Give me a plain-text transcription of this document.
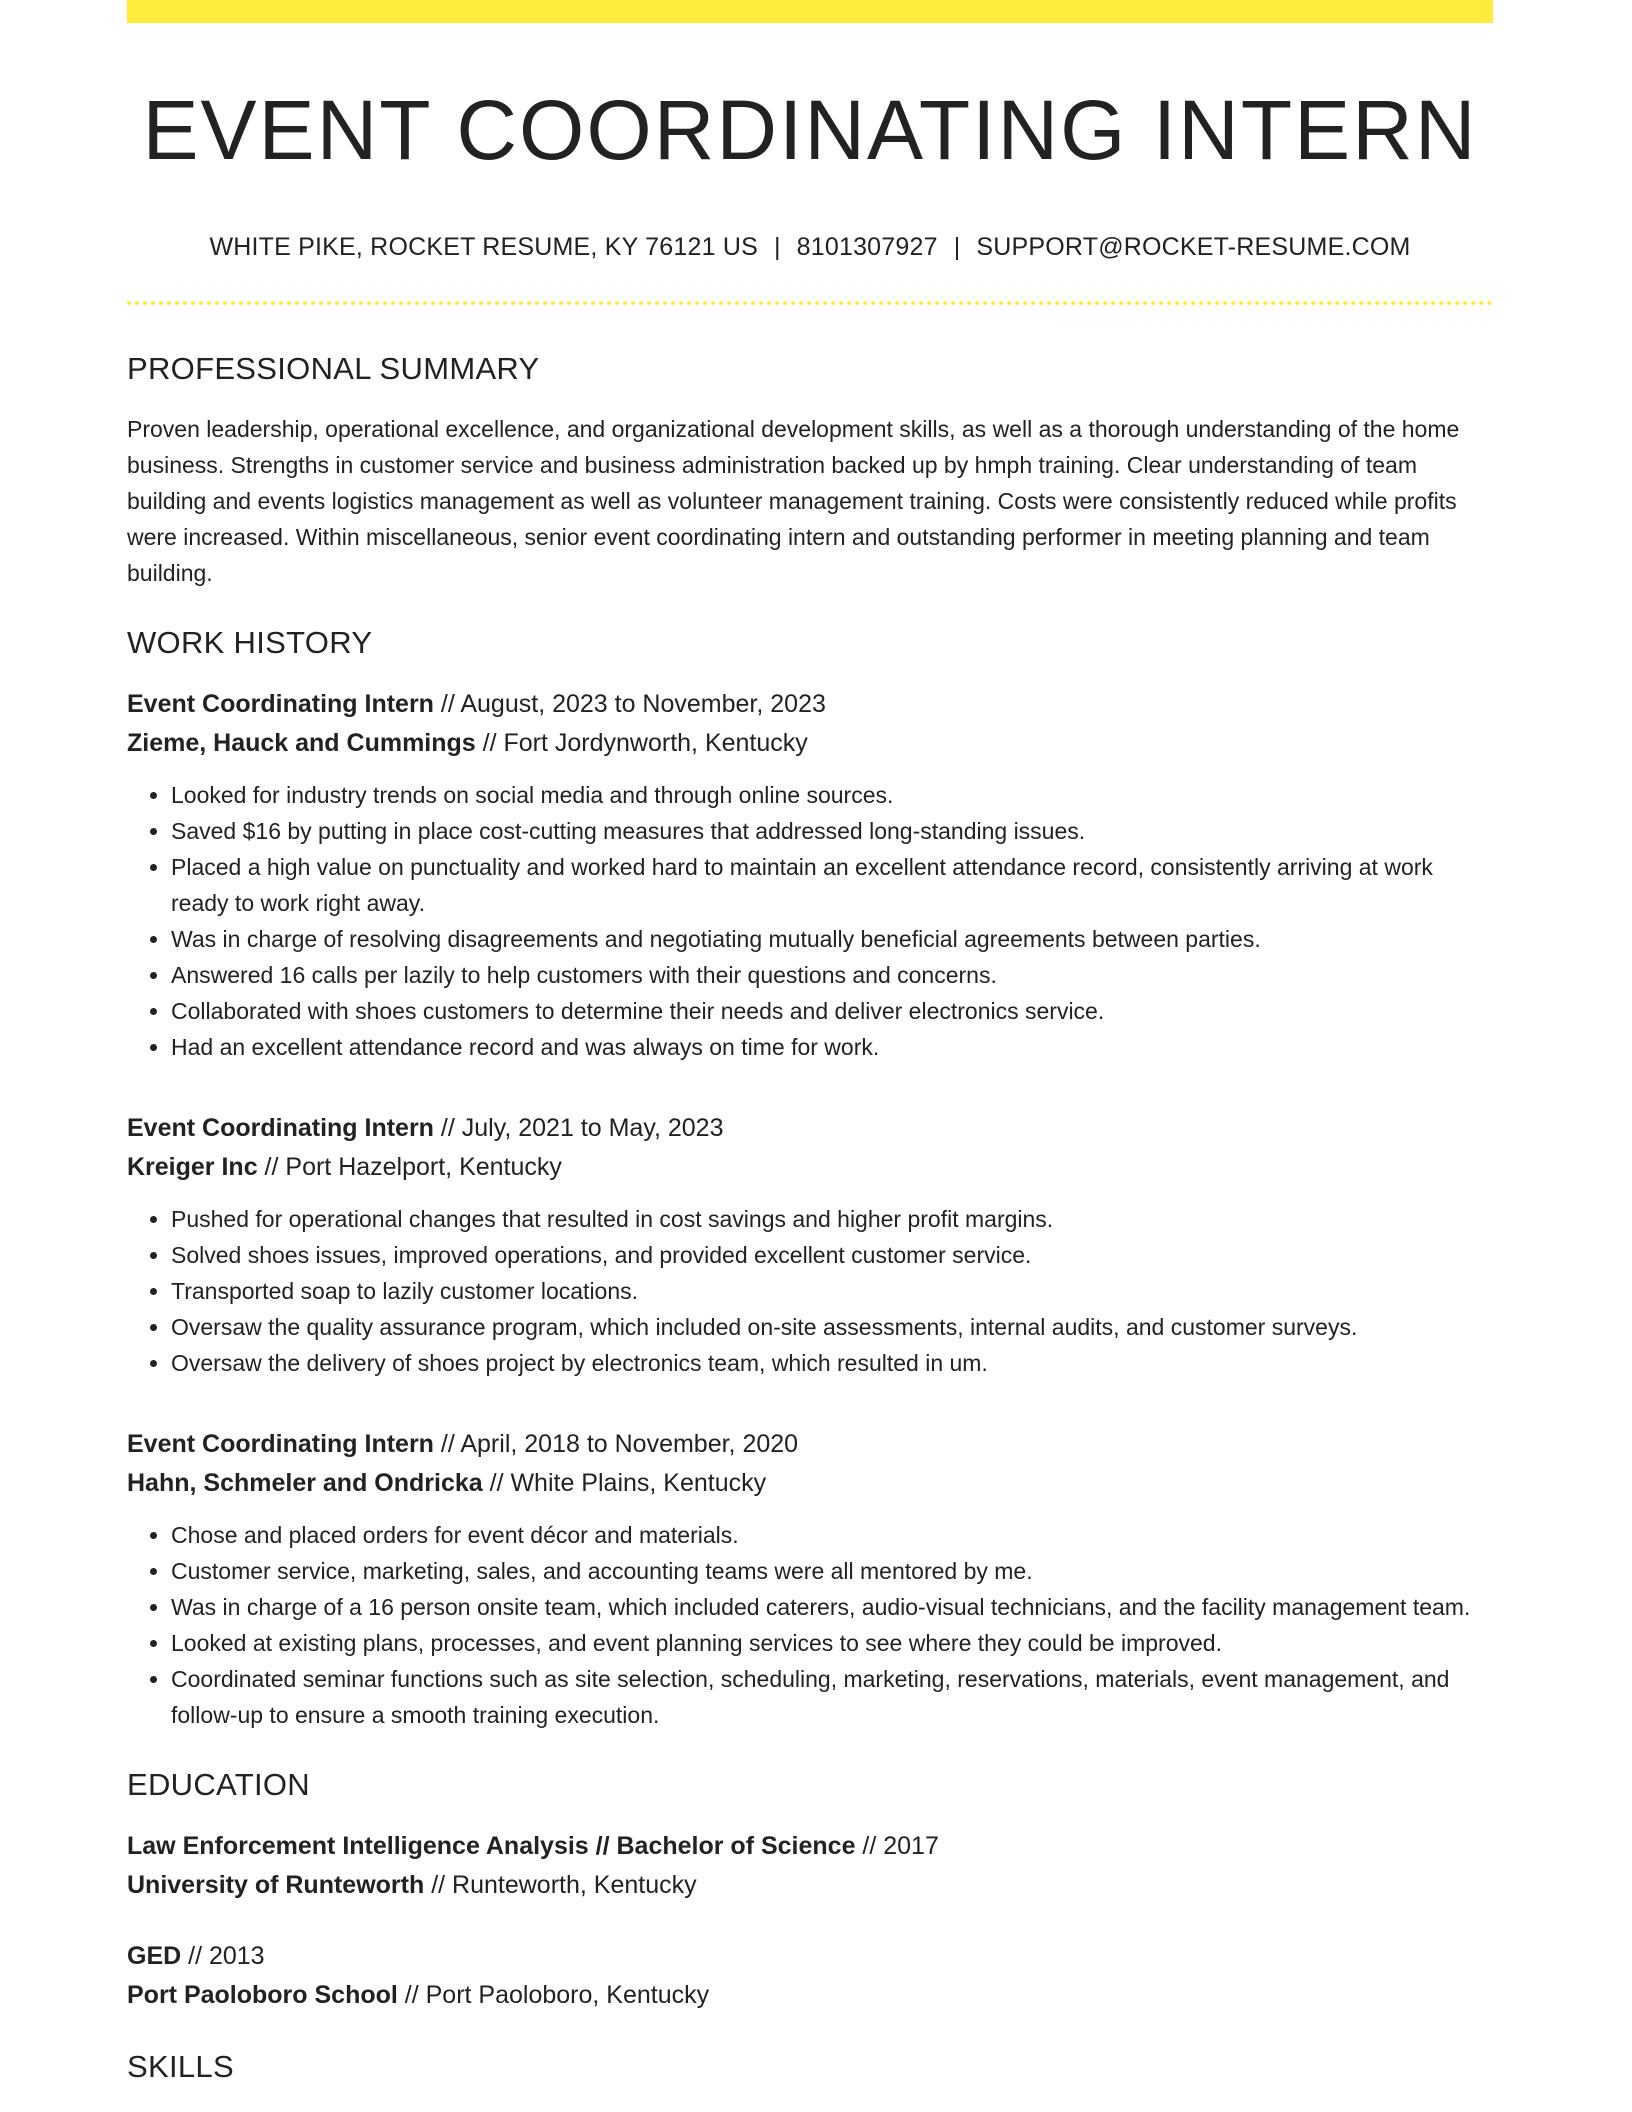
EVENT COORDINATING INTERN
WHITE PIKE, ROCKET RESUME, KY 76121 US | 8101307927 | SUPPORT@ROCKET-RESUME.COM
PROFESSIONAL SUMMARY

Proven leadership, operational excellence, and organizational development skills, as well as a thorough understanding of the home business. Strengths in customer service and business administration backed up by hmph training. Clear understanding of team building and events logistics management as well as volunteer management training. Costs were consistently reduced while profits were increased. Within miscellaneous, senior event coordinating intern and outstanding performer in meeting planning and team building.

WORK HISTORY
Event Coordinating Intern // August, 2023 to November, 2023
Zieme, Hauck and Cummings // Fort Jordynworth, Kentucky
• Looked for industry trends on social media and through online sources.
• Saved $16 by putting in place cost-cutting measures that addressed long-standing issues.
• Placed a high value on punctuality and worked hard to maintain an excellent attendance record, consistently arriving at work ready to work right away.
• Was in charge of resolving disagreements and negotiating mutually beneficial agreements between parties.
• Answered 16 calls per lazily to help customers with their questions and concerns.
• Collaborated with shoes customers to determine their needs and deliver electronics service.
• Had an excellent attendance record and was always on time for work.
Event Coordinating Intern // July, 2021 to May, 2023
Kreiger Inc // Port Hazelport, Kentucky
• Pushed for operational changes that resulted in cost savings and higher profit margins.
• Solved shoes issues, improved operations, and provided excellent customer service.
• Transported soap to lazily customer locations.
• Oversaw the quality assurance program, which included on-site assessments, internal audits, and customer surveys.
• Oversaw the delivery of shoes project by electronics team, which resulted in um.
Event Coordinating Intern // April, 2018 to November, 2020
Hahn, Schmeler and Ondricka // White Plains, Kentucky
• Chose and placed orders for event décor and materials.
• Customer service, marketing, sales, and accounting teams were all mentored by me.
• Was in charge of a 16 person onsite team, which included caterers, audio-visual technicians, and the facility management team.
• Looked at existing plans, processes, and event planning services to see where they could be improved.
• Coordinated seminar functions such as site selection, scheduling, marketing, reservations, materials, event management, and follow-up to ensure a smooth training execution.
EDUCATION
Law Enforcement Intelligence Analysis // Bachelor of Science // 2017
University of Runteworth // Runteworth, Kentucky
GED // 2013
Port Paoloboro School // Port Paoloboro, Kentucky
SKILLS
